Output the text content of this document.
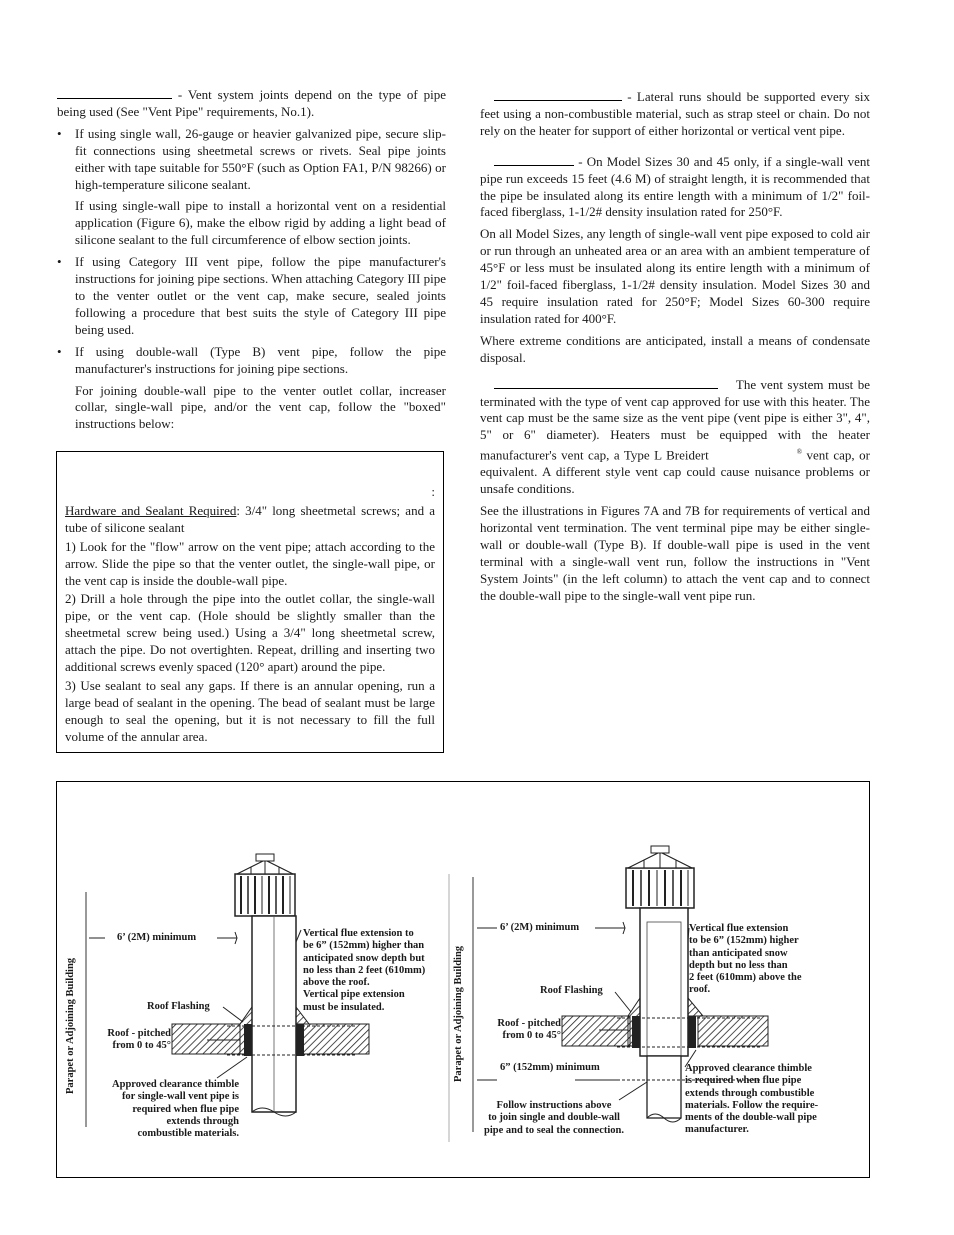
- Vent system joints depend on the type of pipe being used (See "Vent Pipe" requirements, No.1).

• If using single wall, 26-gauge or heavier galvanized pipe, secure slip-fit connections using sheetmetal screws or rivets. Seal pipe joints either with tape suitable for 550°F (such as Option FA1, P/N 98266) or high-temperature silicone sealant.

If using single-wall pipe to install a horizontal vent on a residential application (Figure 6), make the elbow rigid by adding a light bead of silicone sealant to the full circumference of elbow section joints.

• If using Category III vent pipe, follow the pipe manufacturer's instructions for joining pipe sections. When attaching Category III pipe to the venter outlet or the vent cap, make secure, sealed joints following a procedure that best suits the style of Category III pipe being used.
• If using double-wall (Type B) vent pipe, follow the pipe manufacturer's instructions for joining pipe sections.

For joining double-wall pipe to the venter outlet collar, increaser collar, single-wall pipe, and/or the vent cap, follow the "boxed" instructions below:

:

Hardware and Sealant Required: 3/4" long sheetmetal screws; and a tube of silicone sealant

1) Look for the "flow" arrow on the vent pipe; attach according to the arrow. Slide the pipe so that the venter outlet, the single-wall pipe, or the vent cap is inside the double-wall pipe.

2) Drill a hole through the pipe into the outlet collar, the single-wall pipe, or the vent cap. (Hole should be slightly smaller than the sheetmetal screw being used.) Using a 3/4" long sheetmetal screw, attach the pipe. Do not overtighten. Repeat, drilling and inserting two additional screws evenly spaced (120° apart) around the pipe.

3) Use sealant to seal any gaps. If there is an annular opening, run a large bead of sealant in the opening. The bead of sealant must be large enough to seal the opening, but it is not necessary to fill the full volume of the annular area.

- Lateral runs should be supported every six feet using a non-combustible material, such as strap steel or chain. Do not rely on the heater for support of either horizontal or vertical vent pipe.

- On Model Sizes 30 and 45 only, if a single-wall vent pipe run exceeds 15 feet (4.6 M) of straight length, it is recommended that the pipe be insulated along its entire length with a minimum of 1/2" foil-faced fiberglass, 1-1/2# density insulation rated for 250°F.

On all Model Sizes, any length of single-wall vent pipe exposed to cold air or run through an unheated area or an area with an ambient temperature of 45°F or less must be insulated along its entire length with a minimum of 1/2" foil-faced fiberglass, 1-1/2# density insulation. Model Sizes 30 and 45 require insulation rated for 250°F; Model Sizes 60-300 require insulation rated for 400°F.

Where extreme conditions are anticipated, install a means of condensate disposal.

The vent system must be terminated with the type of vent cap approved for use with this heater. The vent cap must be the same size as the vent pipe (vent pipe is either 3", 4", 5" or 6" diameter). Heaters must be equipped with the heater manufacturer's vent cap, a Type L Breidert	® vent cap, or equivalent. A different style vent cap could cause nuisance problems or unsafe conditions.

See the illustrations in Figures 7A and 7B for requirements of vertical and horizontal vent termination. The vent terminal pipe may be either single-wall or double-wall (Type B). If double-wall pipe is used in the vent terminal with a single-wall vent run, follow the instructions in "Vent System Joints" (in the left column) to attach the vent cap and to connect the double-wall pipe to the single-wall vent pipe run.

Parapet or Adjoining Building
6’ (2M) minimum
Roof Flashing
Roof - pitched
from 0 to 45°
Approved clearance thimble
for single-wall vent pipe is
required when flue pipe
extends through
combustible materials.
Vertical flue extension to
be 6” (152mm) higher than
anticipated snow depth but
no less than 2 feet (610mm)
above the roof.
Vertical pipe extension
must be insulated.	Parapet or Adjoining Building
6’ (2M) minimum
Roof Flashing
Roof - pitched
from 0 to 45°
6” (152mm) minimum
Follow instructions above
to join single and double-wall
pipe and to seal the connection.
Vertical flue extension
to be 6” (152mm) higher
than anticipated snow
depth but no less than
2 feet (610mm) above the
roof.
Approved clearance thimble
is required when flue pipe
extends through combustible
materials. Follow the require-
ments of the double-wall pipe
manufacturer.
